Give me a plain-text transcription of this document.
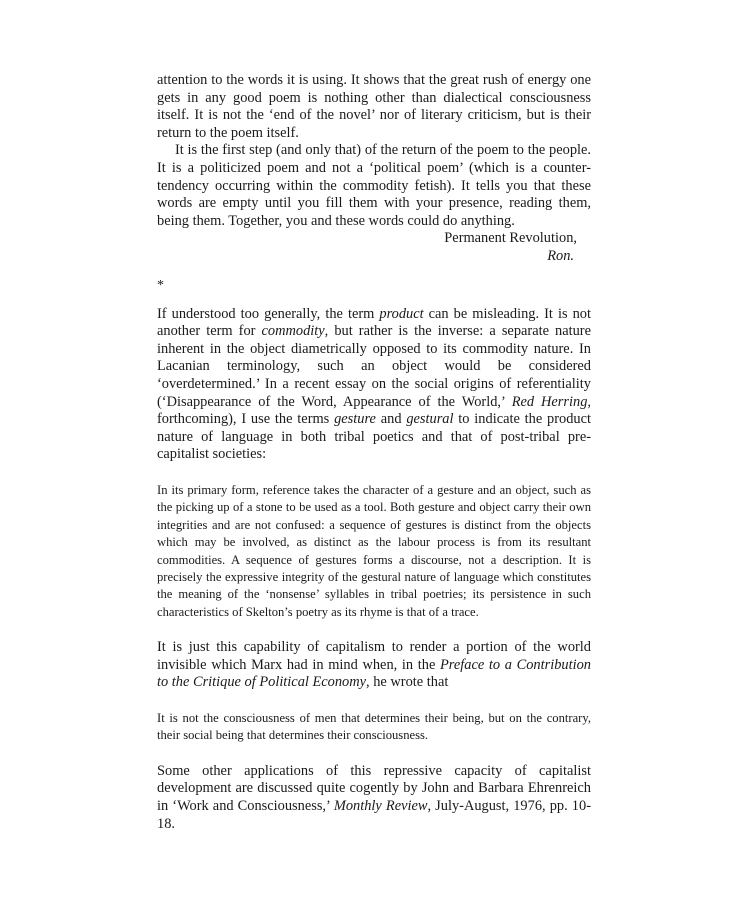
attention to the words it is using. It shows that the great rush of energy one gets in any good poem is nothing other than dialectical consciousness itself. It is not the ‘end of the novel’ nor of literary criticism, but is their return to the poem itself.

It is the first step (and only that) of the return of the poem to the people. It is a politicized poem and not a ‘political poem’ (which is a counter-tendency occurring within the commodity fetish). It tells you that these words are empty until you fill them with your presence, reading them, being them. Together, you and these words could do anything.

Permanent Revolution,
Ron.
*

If understood too generally, the term product can be misleading. It is not another term for commodity, but rather is the inverse: a separate nature inherent in the object diametrically opposed to its commodity nature. In Lacanian terminology, such an object would be considered ‘overdetermined.’ In a recent essay on the social origins of referentiality (‘Disappearance of the Word, Appearance of the World,’ Red Herring, forthcoming), I use the terms gesture and gestural to indicate the product nature of language in both tribal poetics and that of post-tribal pre-capitalist societies:

In its primary form, reference takes the character of a gesture and an object, such as the picking up of a stone to be used as a tool. Both gesture and object carry their own integrities and are not confused: a sequence of gestures is distinct from the objects which may be involved, as distinct as the labour process is from its resultant commodities. A sequence of gestures forms a discourse, not a description. It is precisely the expressive integrity of the gestural nature of language which constitutes the meaning of the ‘nonsense’ syllables in tribal poetries; its persistence in such characteristics of Skelton’s poetry as its rhyme is that of a trace.

It is just this capability of capitalism to render a portion of the world invisible which Marx had in mind when, in the Preface to a Contribution to the Critique of Political Economy, he wrote that

It is not the consciousness of men that determines their being, but on the contrary, their social being that determines their consciousness.

Some other applications of this repressive capacity of capitalist development are discussed quite cogently by John and Barbara Ehrenreich in ‘Work and Consciousness,’ Monthly Review, July-August, 1976, pp. 10-18.
